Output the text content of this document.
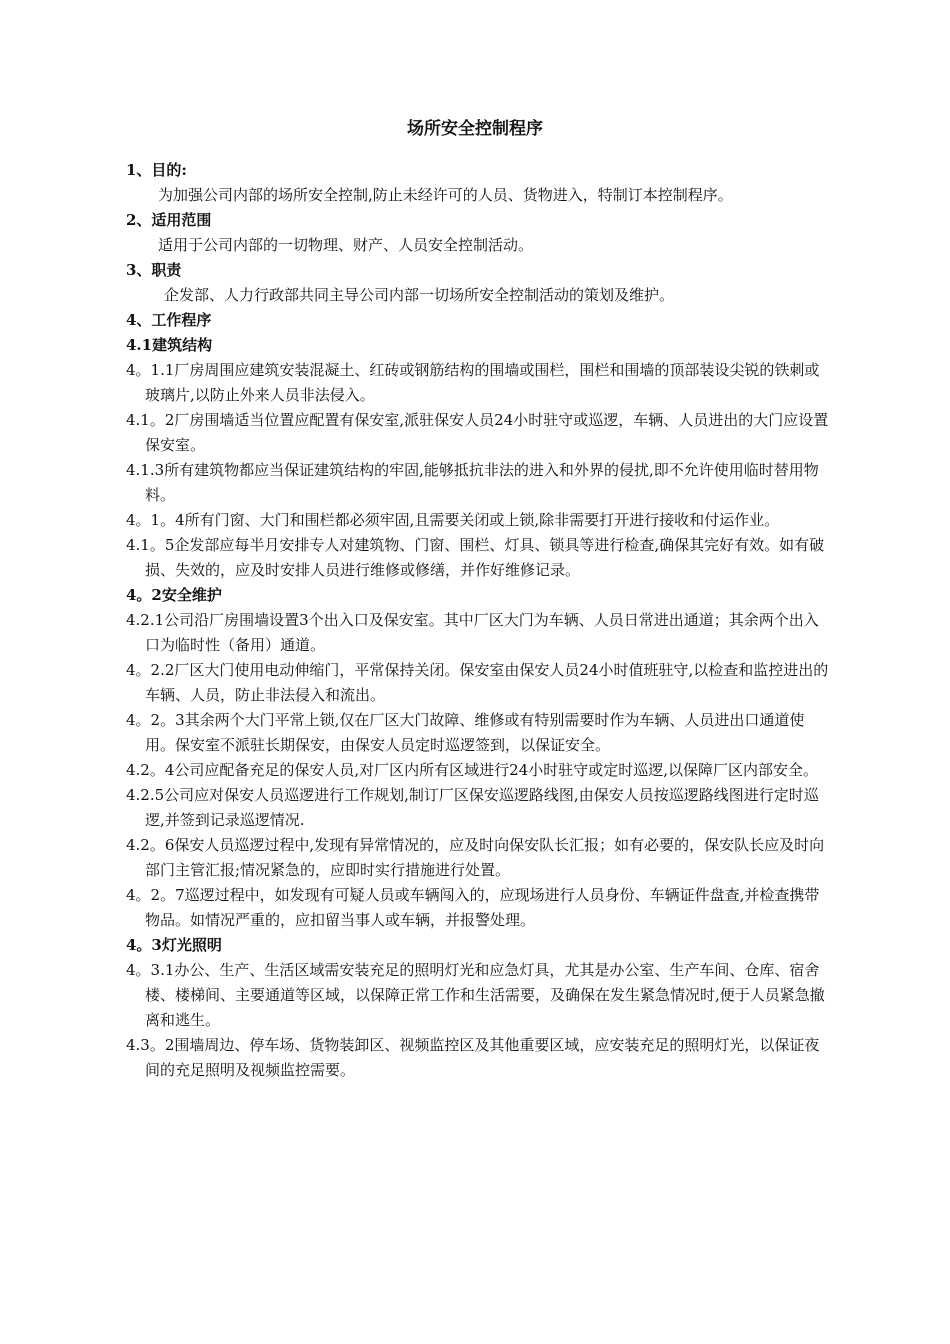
场所安全控制程序

1、目的:

为加强公司内部的场所安全控制,防止未经许可的人员、货物进入，特制订本控制程序。

2、适用范围

适用于公司内部的一切物理、财产、人员安全控制活动。

3、职责

企发部、人力行政部共同主导公司内部一切场所安全控制活动的策划及维护。

4、工作程序

4.1建筑结构

4。1.1厂房周围应建筑安装混凝土、红砖或钢筋结构的围墙或围栏，围栏和围墙的顶部装设尖锐的铁刺或玻璃片,以防止外来人员非法侵入。

4.1。2厂房围墙适当位置应配置有保安室,派驻保安人员24小时驻守或巡逻，车辆、人员进出的大门应设置保安室。

4.1.3所有建筑物都应当保证建筑结构的牢固,能够抵抗非法的进入和外界的侵扰,即不允许使用临时替用物料。

4。1。4所有门窗、大门和围栏都必须牢固,且需要关闭或上锁,除非需要打开进行接收和付运作业。

4.1。5企发部应每半月安排专人对建筑物、门窗、围栏、灯具、锁具等进行检查,确保其完好有效。如有破损、失效的，应及时安排人员进行维修或修缮，并作好维修记录。

4。2安全维护

4.2.1公司沿厂房围墙设置3个出入口及保安室。其中厂区大门为车辆、人员日常进出通道；其余两个出入口为临时性（备用）通道。

4。2.2厂区大门使用电动伸缩门，平常保持关闭。保安室由保安人员24小时值班驻守,以检查和监控进出的车辆、人员，防止非法侵入和流出。

4。2。3其余两个大门平常上锁,仅在厂区大门故障、维修或有特别需要时作为车辆、人员进出口通道使用。保安室不派驻长期保安，由保安人员定时巡逻签到，以保证安全。

4.2。4公司应配备充足的保安人员,对厂区内所有区域进行24小时驻守或定时巡逻,以保障厂区内部安全。

4.2.5公司应对保安人员巡逻进行工作规划,制订厂区保安巡逻路线图,由保安人员按巡逻路线图进行定时巡逻,并签到记录巡逻情况.

4.2。6保安人员巡逻过程中,发现有异常情况的，应及时向保安队长汇报；如有必要的，保安队长应及时向部门主管汇报;情况紧急的，应即时实行措施进行处置。

4。2。7巡逻过程中，如发现有可疑人员或车辆闯入的，应现场进行人员身份、车辆证件盘查,并检查携带物品。如情况严重的，应扣留当事人或车辆，并报警处理。

4。3灯光照明

4。3.1办公、生产、生活区域需安装充足的照明灯光和应急灯具，尤其是办公室、生产车间、仓库、宿舍楼、楼梯间、主要通道等区域，以保障正常工作和生活需要，及确保在发生紧急情况时,便于人员紧急撤离和逃生。

4.3。2围墙周边、停车场、货物装卸区、视频监控区及其他重要区域，应安装充足的照明灯光，以保证夜间的充足照明及视频监控需要。
